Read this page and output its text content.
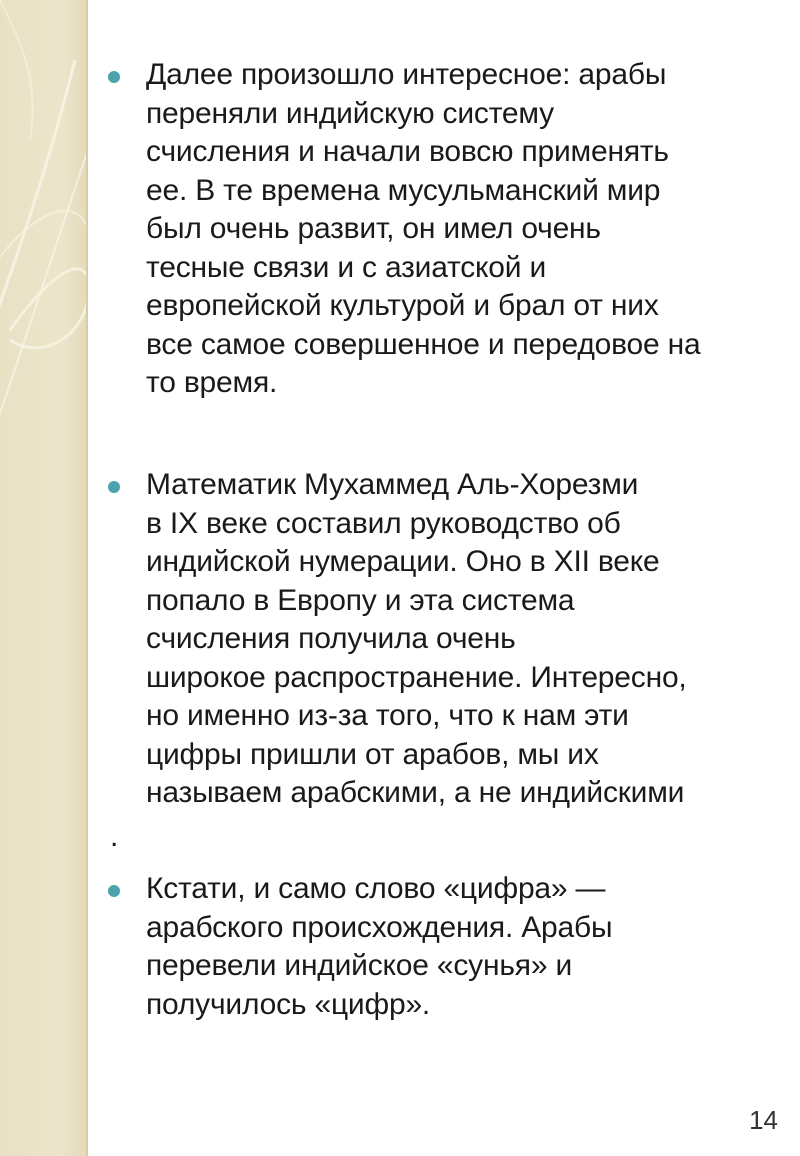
Далее произошло интересное: арабы
переняли индийскую систему
счисления и начали вовсю применять
ее. В те времена мусульманский мир
был очень развит, он имел очень
тесные связи и с азиатской и
европейской культурой и брал от них
все самое совершенное и передовое на
то время.
Математик Мухаммед Аль-Хорезми
в IX веке составил руководство об
индийской нумерации. Оно в XII веке
попало в Европу и эта система
счисления получила очень
широкое распространение. Интересно,
но именно из-за того, что к нам эти
цифры пришли от арабов, мы их
называем арабскими, а не индийскими
Кстати, и само слово «цифра» —
арабского происхождения. Арабы
перевели индийское «сунья» и
получилось «цифр».
.
14
